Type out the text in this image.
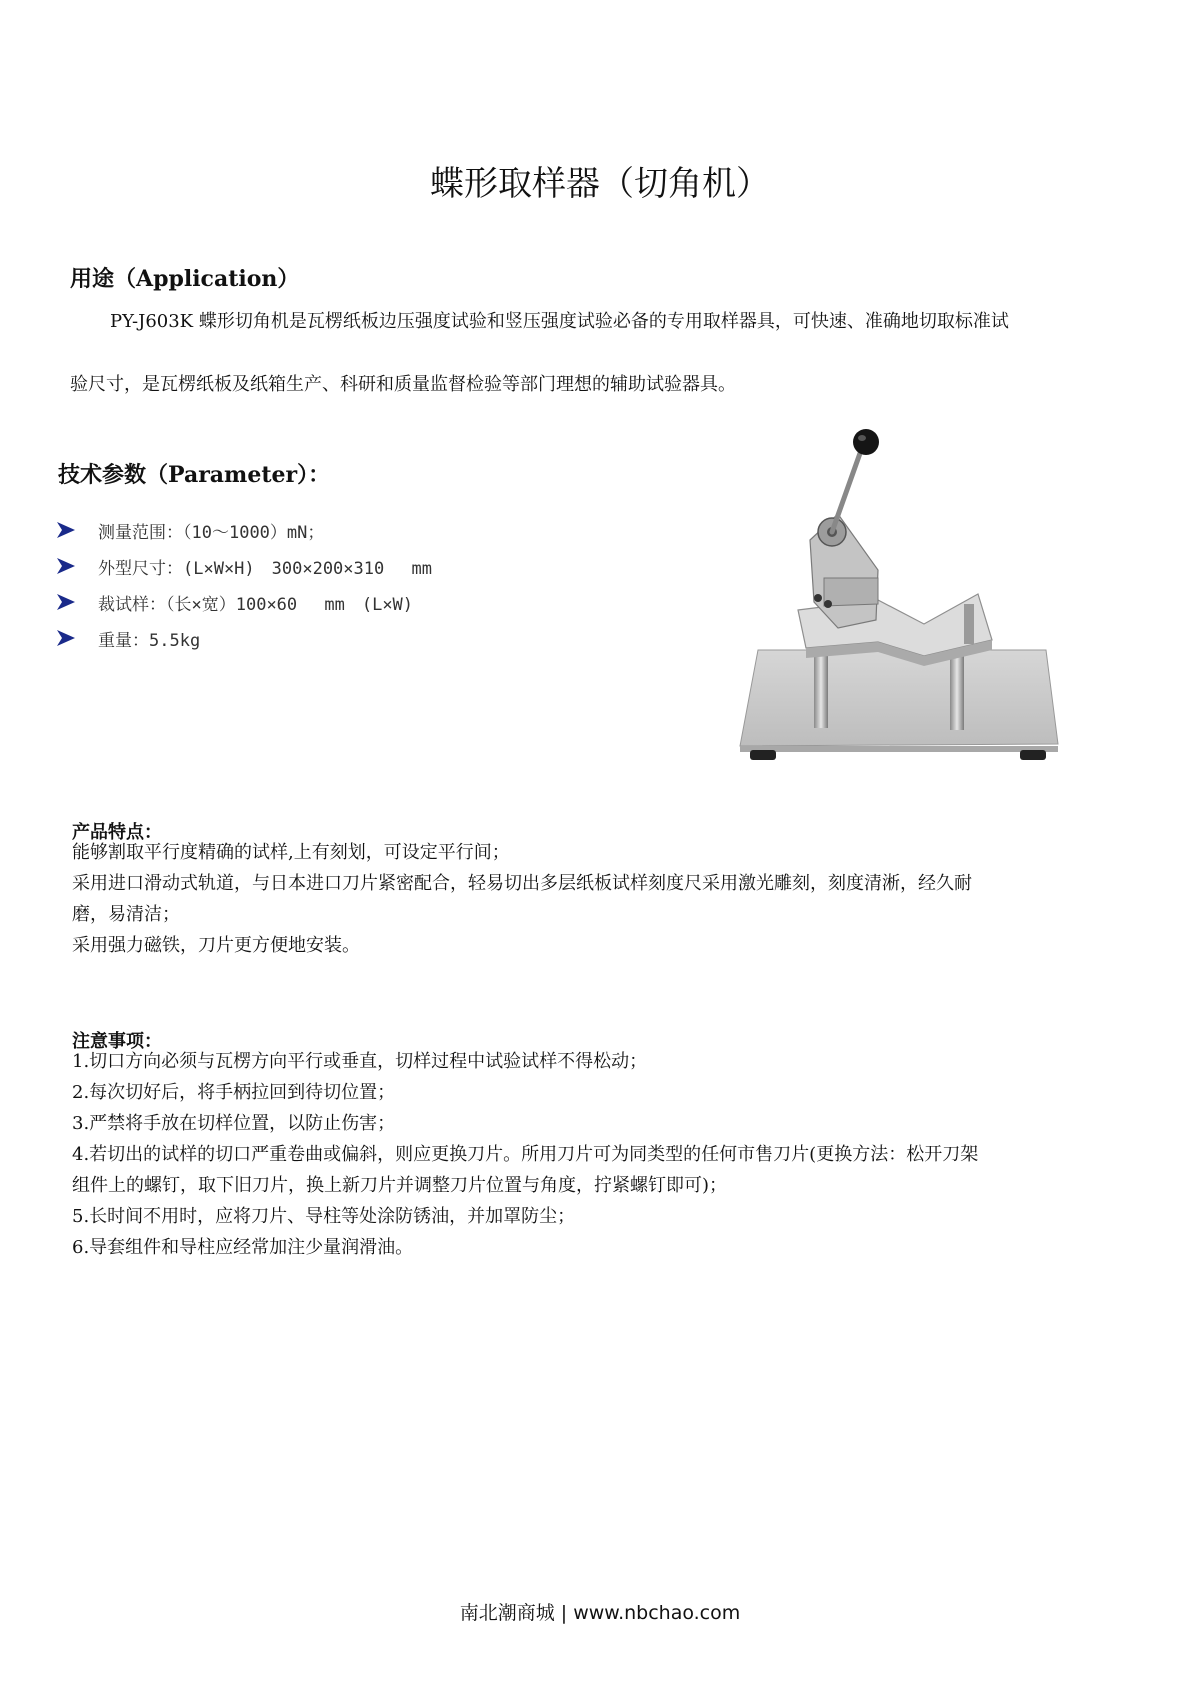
蝶形取样器（切角机）
用途（Application）
PY-J603K 蝶形切角机是瓦楞纸板边压强度试验和竖压强度试验必备的专用取样器具，可快速、准确地切取标准试
验尺寸，是瓦楞纸板及纸箱生产、科研和质量监督检验等部门理想的辅助试验器具。
技术参数（Parameter）：
测量范围：（10～1000）mN；
外型尺寸：(L×W×H)　300×200×310　 mm
裁试样：（长×宽）100×60　 mm　(L×W)
重量：5.5kg
产品特点：
能够割取平行度精确的试样,上有刻划，可设定平行间；
采用进口滑动式轨道，与日本进口刀片紧密配合，轻易切出多层纸板试样刻度尺采用激光雕刻，刻度清淅，经久耐
磨，易清洁；
采用强力磁铁，刀片更方便地安装。
注意事项：
1.切口方向必须与瓦楞方向平行或垂直，切样过程中试验试样不得松动；
2.每次切好后，将手柄拉回到待切位置；
3.严禁将手放在切样位置，以防止伤害；
4.若切出的试样的切口严重卷曲或偏斜，则应更换刀片。所用刀片可为同类型的任何市售刀片(更换方法：松开刀架
组件上的螺钉，取下旧刀片，换上新刀片并调整刀片位置与角度，拧紧螺钉即可)；
5.长时间不用时，应将刀片、导柱等处涂防锈油，并加罩防尘；
6.导套组件和导柱应经常加注少量润滑油。
南北潮商城 | www.nbchao.com
